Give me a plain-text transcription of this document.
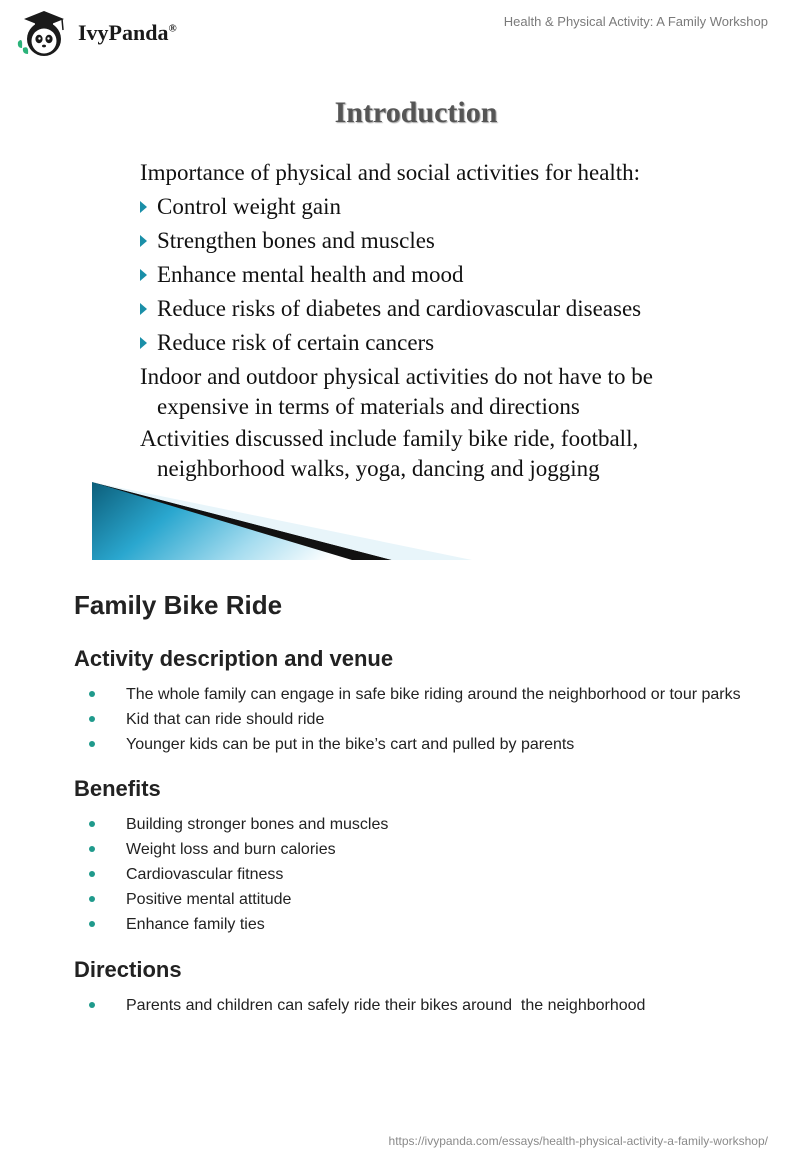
IvyPanda®	Health & Physical Activity: A Family Workshop
Introduction
Importance of physical and social activities for health:
Control weight gain
Strengthen bones and muscles
Enhance mental health and mood
Reduce risks of diabetes and cardiovascular diseases
Reduce risk of certain cancers
Indoor and outdoor physical activities do not have to be
expensive in terms of materials and directions
Activities discussed include family bike ride, football,
neighborhood walks, yoga, dancing and jogging
Family Bike Ride
Activity description and venue
The whole family can engage in safe bike riding around the neighborhood or tour parks
Kid that can ride should ride
Younger kids can be put in the bike’s cart and pulled by parents
Benefits
Building stronger bones and muscles
Weight loss and burn calories
Cardiovascular fitness
Positive mental attitude
Enhance family ties
Directions
Parents and children can safely ride their bikes around  the neighborhood
https://ivypanda.com/essays/health-physical-activity-a-family-workshop/
